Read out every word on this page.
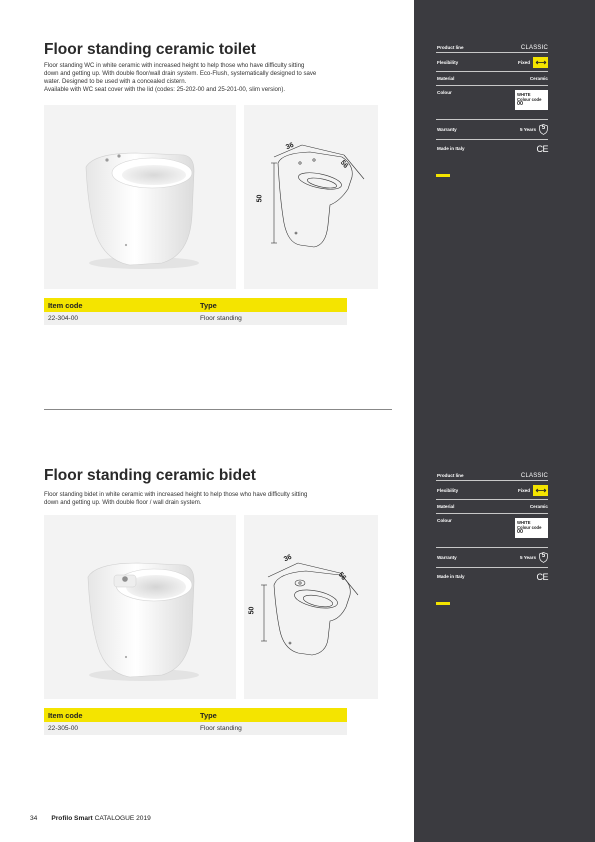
Floor standing ceramic toilet
Floor standing WC in white ceramic with increased height to help those who have difficulty sitting
down and getting up. With double floor/wall drain system. Eco-Flush, systematically designed to save
water. Designed to be used with a concealed cistern.
Available with WC seat cover with the lid (codes: 25-202-00 and 25-201-00, slim version).
36
56
50
Item code	Type
22-304-00	Floor standing
Product line	CLASSIC
Flexibility	Fixed
Material	Ceramic
Colour	WHITE
Colour code
00
Warranty	5 Years 5
Made in Italy	CE
Floor standing ceramic bidet
Floor standing bidet in white ceramic with increased height to help those who have difficulty sitting
down and getting up. With double floor / wall drain system.
36
56
50
Item code	Type
22-305-00	Floor standing
Product line	CLASSIC
Flexibility	Fixed
Material	Ceramic
Colour	WHITE
Colour code
00
Warranty	5 Years 5
Made in Italy	CE
34 Profilo Smart CATALOGUE 2019
